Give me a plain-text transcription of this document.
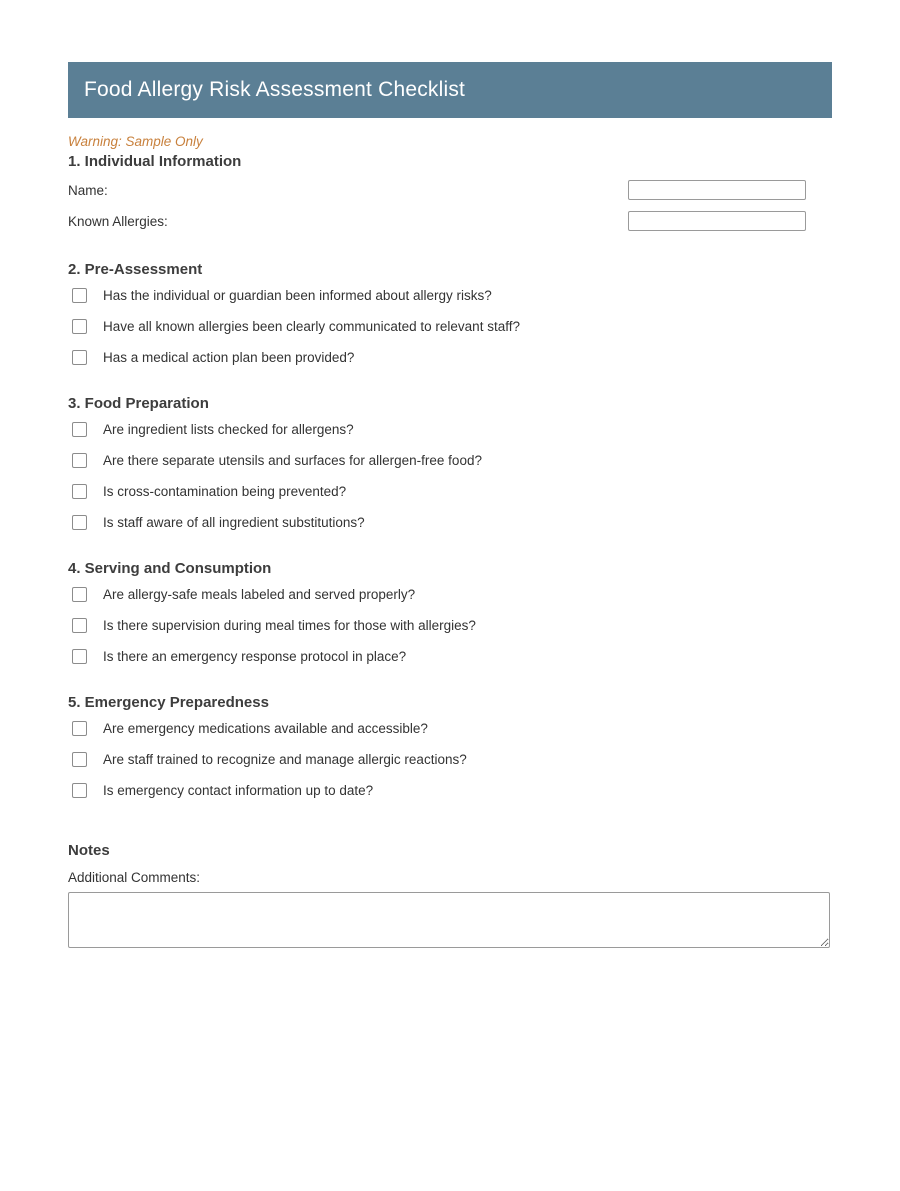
Food Allergy Risk Assessment Checklist
Warning: Sample Only
1. Individual Information
Name:
Known Allergies:
2. Pre-Assessment
Has the individual or guardian been informed about allergy risks?
Have all known allergies been clearly communicated to relevant staff?
Has a medical action plan been provided?
3. Food Preparation
Are ingredient lists checked for allergens?
Are there separate utensils and surfaces for allergen-free food?
Is cross-contamination being prevented?
Is staff aware of all ingredient substitutions?
4. Serving and Consumption
Are allergy-safe meals labeled and served properly?
Is there supervision during meal times for those with allergies?
Is there an emergency response protocol in place?
5. Emergency Preparedness
Are emergency medications available and accessible?
Are staff trained to recognize and manage allergic reactions?
Is emergency contact information up to date?
Notes
Additional Comments:
